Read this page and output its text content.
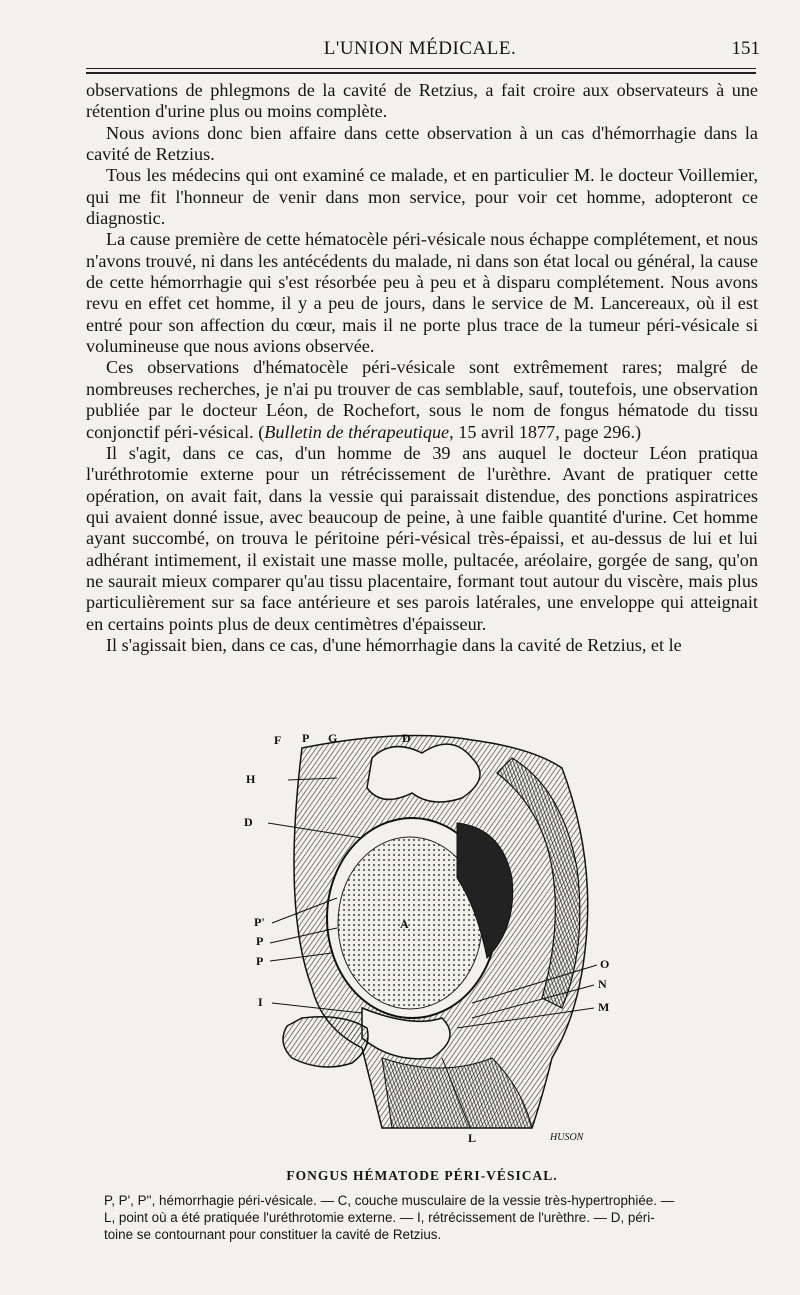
L'UNION MÉDICALE.	151

observations de phlegmons de la cavité de Retzius, a fait croire aux observateurs à une rétention d'urine plus ou moins complète.

Nous avions donc bien affaire dans cette observation à un cas d'hémorrhagie dans la cavité de Retzius.

Tous les médecins qui ont examiné ce malade, et en particulier M. le docteur Voillemier, qui me fit l'honneur de venir dans mon service, pour voir cet homme, adopteront ce diagnostic.

La cause première de cette hématocèle péri-vésicale nous échappe complétement, et nous n'avons trouvé, ni dans les antécédents du malade, ni dans son état local ou général, la cause de cette hémorrhagie qui s'est résorbée peu à peu et à disparu complétement. Nous avons revu en effet cet homme, il y a peu de jours, dans le service de M. Lancereaux, où il est entré pour son affection du cœur, mais il ne porte plus trace de la tumeur péri-vésicale si volumineuse que nous avions observée.

Ces observations d'hématocèle péri-vésicale sont extrêmement rares; malgré de nombreuses recherches, je n'ai pu trouver de cas semblable, sauf, toutefois, une observation publiée par le docteur Léon, de Rochefort, sous le nom de fongus hématode du tissu conjonctif péri-vésical. (Bulletin de thérapeutique, 15 avril 1877, page 296.)

Il s'agit, dans ce cas, d'un homme de 39 ans auquel le docteur Léon pratiqua l'uréthrotomie externe pour un rétrécissement de l'urèthre. Avant de pratiquer cette opération, on avait fait, dans la vessie qui paraissait distendue, des ponctions aspiratrices qui avaient donné issue, avec beaucoup de peine, à une faible quantité d'urine. Cet homme ayant succombé, on trouva le péritoine péri-vésical très-épaissi, et au-dessus de lui et lui adhérant intimement, il existait une masse molle, pultacée, aréolaire, gorgée de sang, qu'on ne saurait mieux comparer qu'au tissu placentaire, formant tout autour du viscère, mais plus particulièrement sur sa face antérieure et ses parois latérales, une enveloppe qui atteignait en certains points plus de deux centimètres d'épaisseur.

Il s'agissait bien, dans ce cas, d'une hémorrhagie dans la cavité de Retzius, et le

F P G	D
H
D
P'
P
P
I
O
N
M
L
A
HUSON
FONGUS HÉMATODE PÉRI-VÉSICAL.
P, P', P'', hémorrhagie péri-vésicale. — C, couche musculaire de la vessie très-hypertrophiée. —
L, point où a été pratiquée l'uréthrotomie externe. — I, rétrécissement de l'urèthre. — D, péri-
toine se contournant pour constituer la cavité de Retzius.
